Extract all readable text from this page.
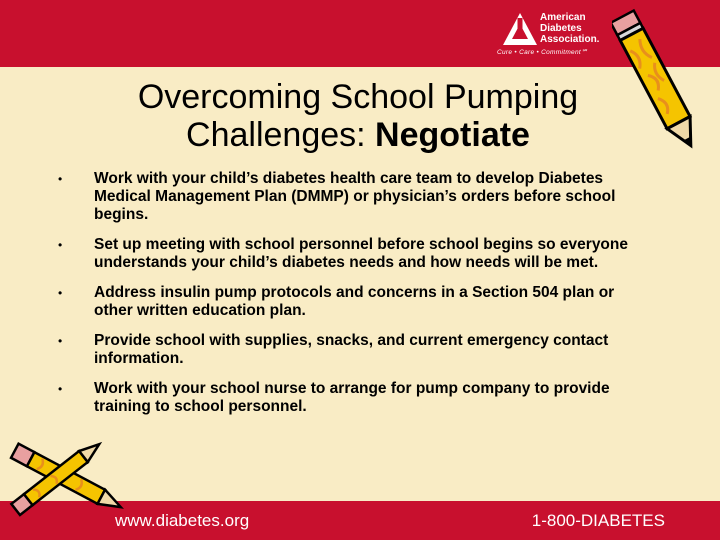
American
Diabetes
Association.
Cure • Care • Commitment℠
Overcoming School Pumping
Challenges: Negotiate
• Work with your child’s diabetes health care team to develop Diabetes Medical Management Plan (DMMP) or physician’s orders before school begins.
• Set up meeting with school personnel before school begins so everyone understands your child’s diabetes needs and how needs will be met.
• Address insulin pump protocols and concerns in a Section 504 plan or other written education plan.
• Provide school with supplies, snacks, and current emergency contact information.
• Work with your school nurse to arrange for pump company to provide training to school personnel.
www.diabetes.org	1-800-DIABETES
